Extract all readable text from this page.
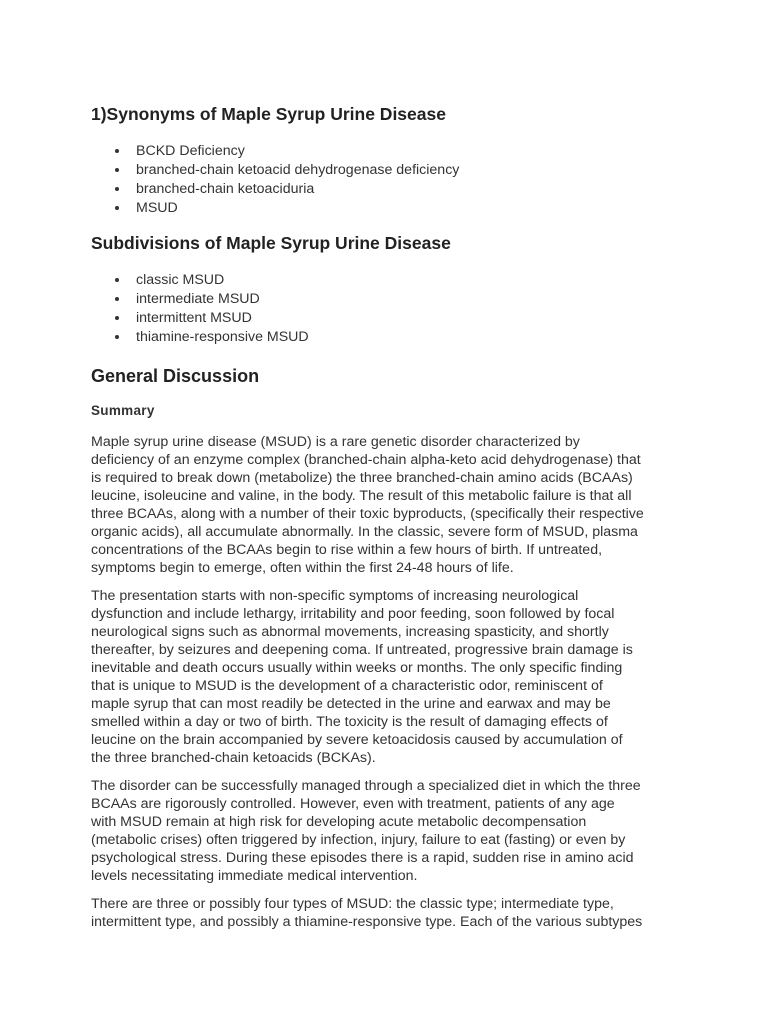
1)Synonyms of Maple Syrup Urine Disease
BCKD Deficiency
branched-chain ketoacid dehydrogenase deficiency
branched-chain ketoaciduria
MSUD
Subdivisions of Maple Syrup Urine Disease
classic MSUD
intermediate MSUD
intermittent MSUD
thiamine-responsive MSUD
General Discussion
Summary

Maple syrup urine disease (MSUD) is a rare genetic disorder characterized by
deficiency of an enzyme complex (branched-chain alpha-keto acid dehydrogenase) that
is required to break down (metabolize) the three branched-chain amino acids (BCAAs)
leucine, isoleucine and valine, in the body. The result of this metabolic failure is that all
three BCAAs, along with a number of their toxic byproducts, (specifically their respective
organic acids), all accumulate abnormally. In the classic, severe form of MSUD, plasma
concentrations of the BCAAs begin to rise within a few hours of birth. If untreated,
symptoms begin to emerge, often within the first 24-48 hours of life.

The presentation starts with non-specific symptoms of increasing neurological
dysfunction and include lethargy, irritability and poor feeding, soon followed by focal
neurological signs such as abnormal movements, increasing spasticity, and shortly
thereafter, by seizures and deepening coma. If untreated, progressive brain damage is
inevitable and death occurs usually within weeks or months. The only specific finding
that is unique to MSUD is the development of a characteristic odor, reminiscent of
maple syrup that can most readily be detected in the urine and earwax and may be
smelled within a day or two of birth. The toxicity is the result of damaging effects of
leucine on the brain accompanied by severe ketoacidosis caused by accumulation of
the three branched-chain ketoacids (BCKAs).

The disorder can be successfully managed through a specialized diet in which the three
BCAAs are rigorously controlled. However, even with treatment, patients of any age
with MSUD remain at high risk for developing acute metabolic decompensation
(metabolic crises) often triggered by infection, injury, failure to eat (fasting) or even by
psychological stress. During these episodes there is a rapid, sudden rise in amino acid
levels necessitating immediate medical intervention.

There are three or possibly four types of MSUD: the classic type; intermediate type,
intermittent type, and possibly a thiamine-responsive type. Each of the various subtypes
